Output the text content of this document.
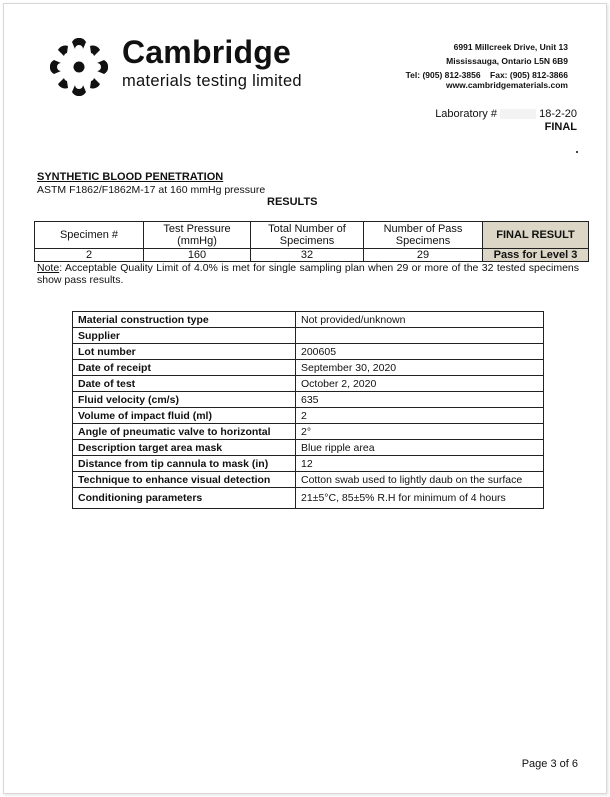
Cambridge
materials testing limited
6991 Millcreek Drive, Unit 13
Mississauga, Ontario L5N 6B9
Tel: (905) 812-3856    Fax: (905) 812-3866
www.cambridgematerials.com
Laboratory #	18-2-20
FINAL
SYNTHETIC BLOOD PENETRATION
ASTM F1862/F1862M-17 at 160 mmHg pressure
RESULTS
Specimen #	Test Pressure (mmHg)	Total Number of Specimens	Number of Pass Specimens	FINAL RESULT
2	160	32	29	Pass for Level 3
Note: Acceptable Quality Limit of 4.0% is met for single sampling plan when 29 or more of the 32 tested specimens show pass results.
Material construction type	Not provided/unknown
Supplier	
Lot number	200605
Date of receipt	September 30, 2020
Date of test	October 2, 2020
Fluid velocity (cm/s)	635
Volume of impact fluid (ml)	2
Angle of pneumatic valve to horizontal	2°
Description target area mask	Blue ripple area
Distance from tip cannula to mask (in)	12
Technique to enhance visual detection	Cotton swab used to lightly daub on the surface
Conditioning parameters	21±5°C, 85±5% R.H for minimum of 4 hours
Page 3 of 6
